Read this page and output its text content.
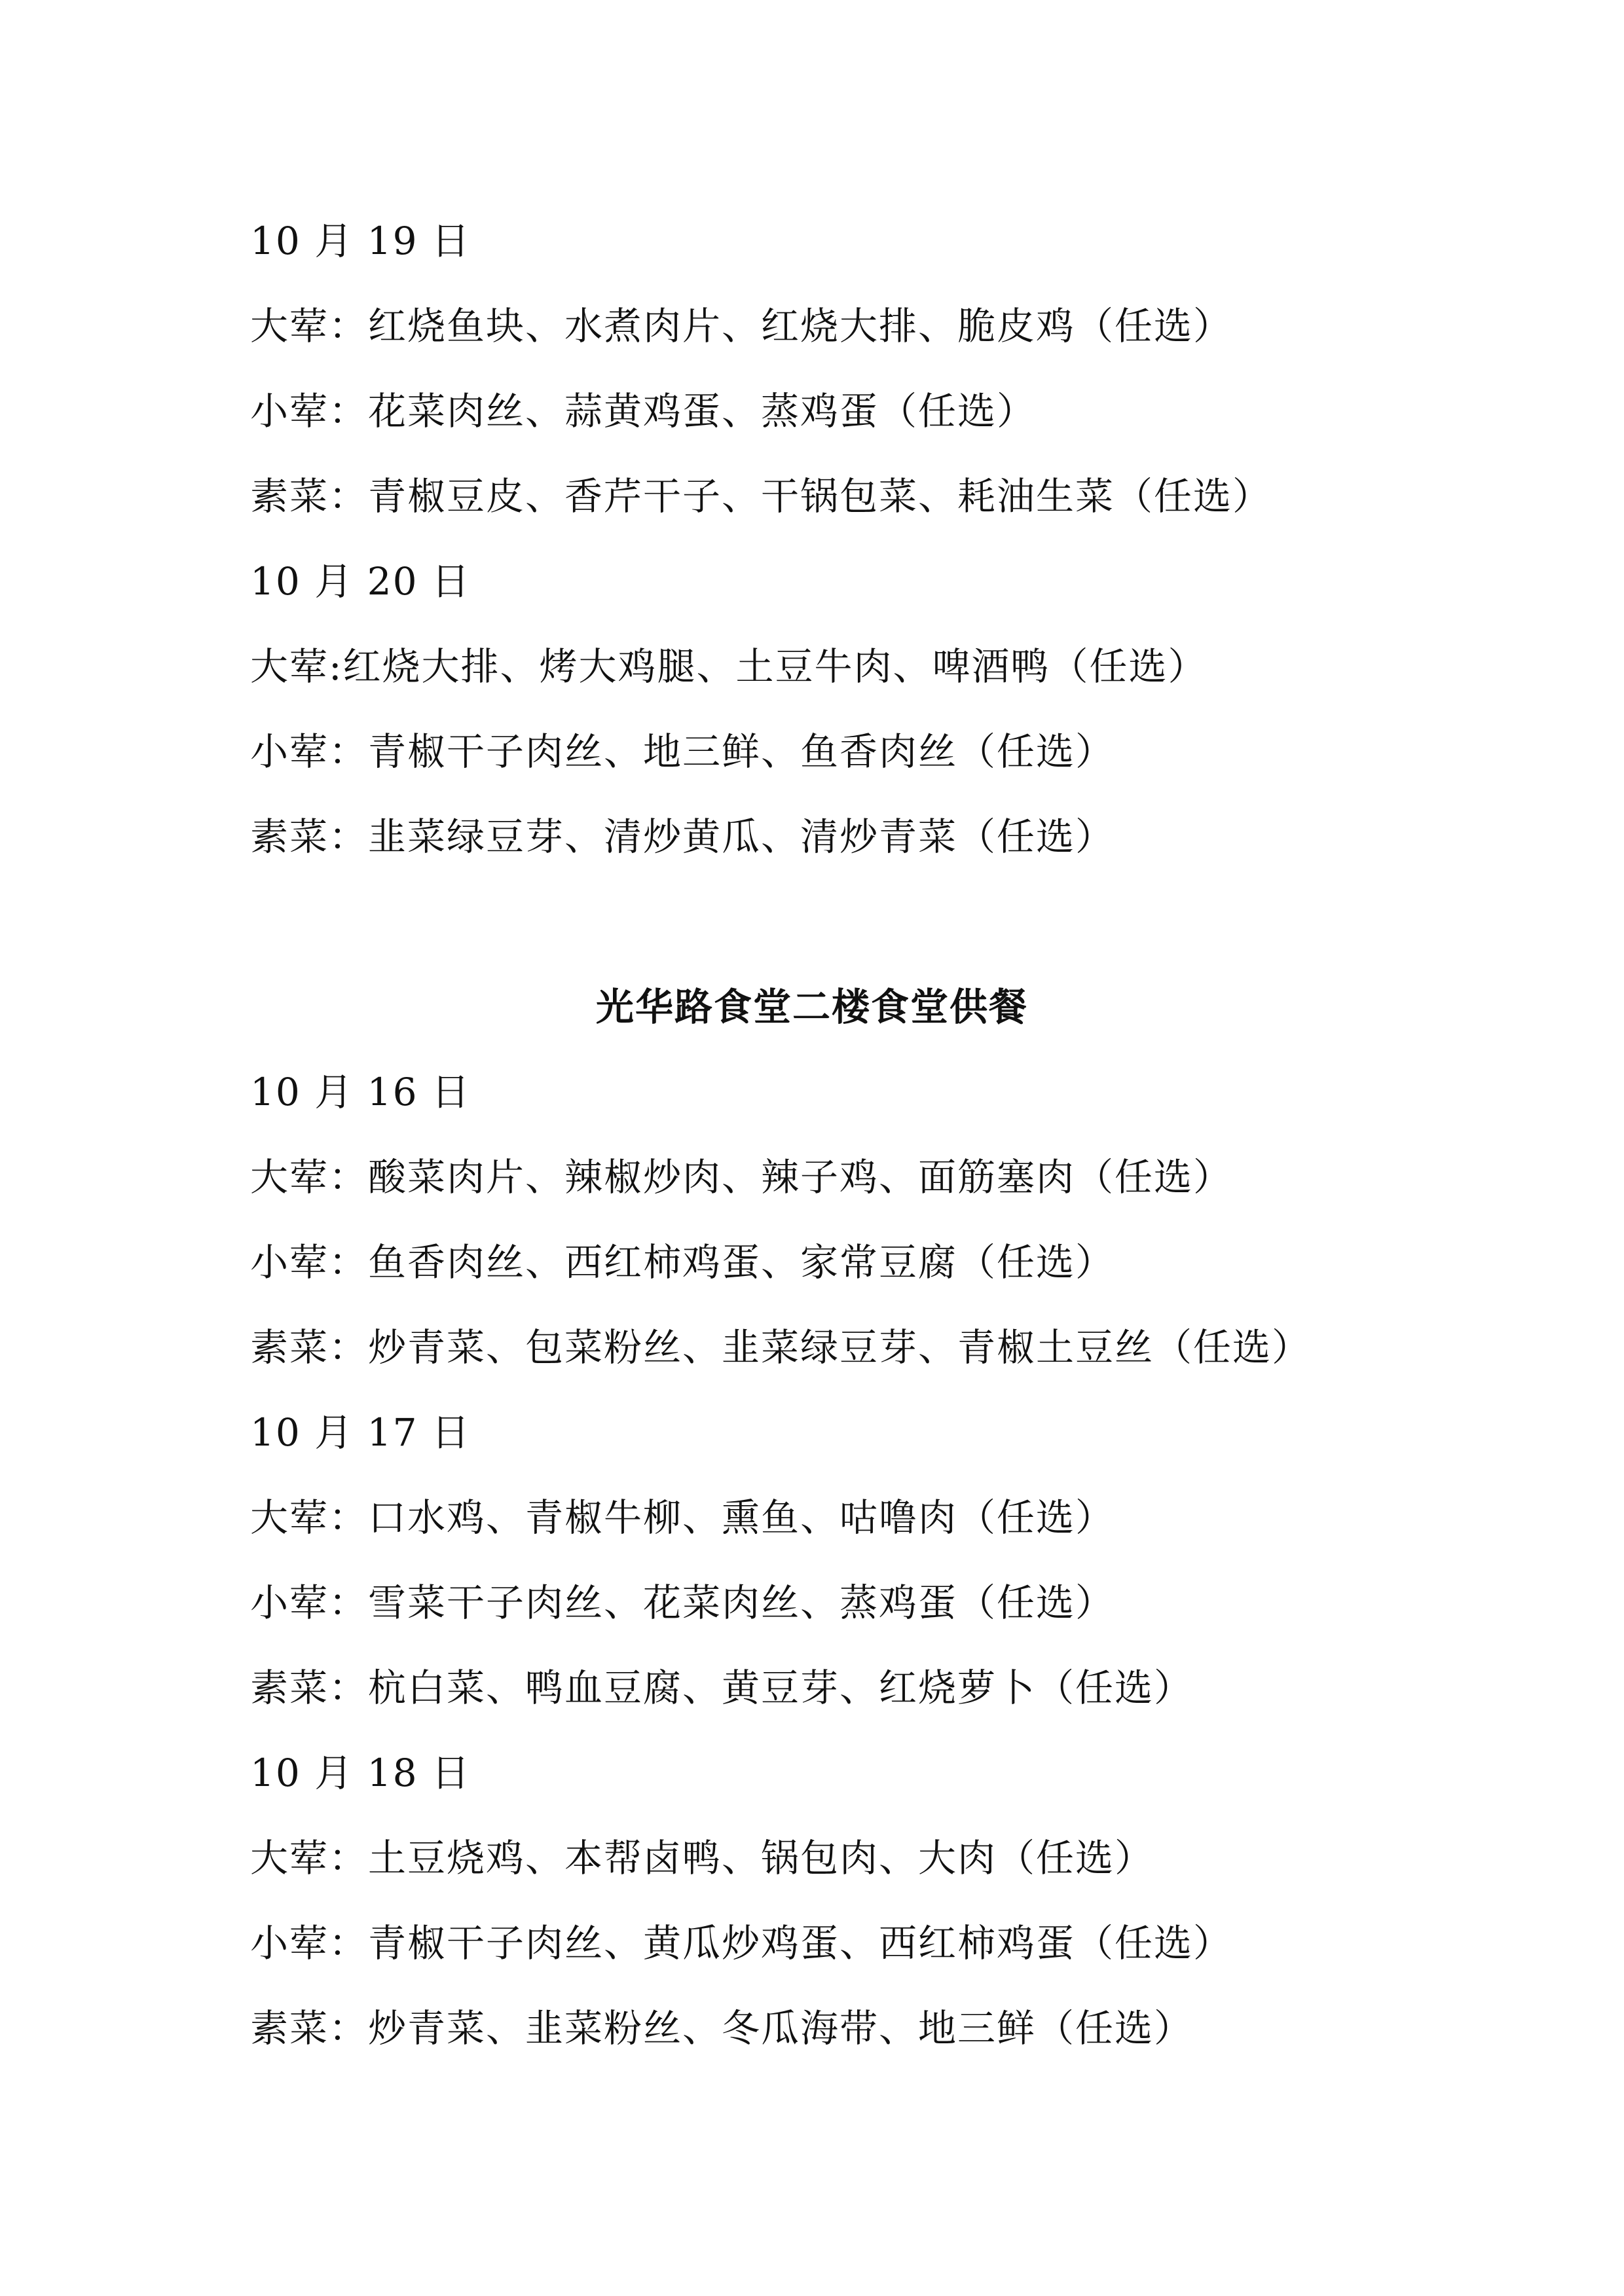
10 月 19 日
大荤：红烧鱼块、水煮肉片、红烧大排、脆皮鸡（任选）
小荤：花菜肉丝、蒜黄鸡蛋、蒸鸡蛋（任选）
素菜：青椒豆皮、香芹干子、干锅包菜、耗油生菜（任选）
10 月 20 日
大荤:红烧大排、烤大鸡腿、土豆牛肉、啤酒鸭（任选）
小荤：青椒干子肉丝、地三鲜、鱼香肉丝（任选）
素菜：韭菜绿豆芽、清炒黄瓜、清炒青菜（任选）
光华路食堂二楼食堂供餐
10 月 16 日
大荤：酸菜肉片、辣椒炒肉、辣子鸡、面筋塞肉（任选）
小荤：鱼香肉丝、西红柿鸡蛋、家常豆腐（任选）
素菜：炒青菜、包菜粉丝、韭菜绿豆芽、青椒土豆丝（任选）
10 月 17 日
大荤：口水鸡、青椒牛柳、熏鱼、咕噜肉（任选）
小荤：雪菜干子肉丝、花菜肉丝、蒸鸡蛋（任选）
素菜：杭白菜、鸭血豆腐、黄豆芽、红烧萝卜（任选）
10 月 18 日
大荤：土豆烧鸡、本帮卤鸭、锅包肉、大肉（任选）
小荤：青椒干子肉丝、黄瓜炒鸡蛋、西红柿鸡蛋（任选）
素菜：炒青菜、韭菜粉丝、冬瓜海带、地三鲜（任选）
